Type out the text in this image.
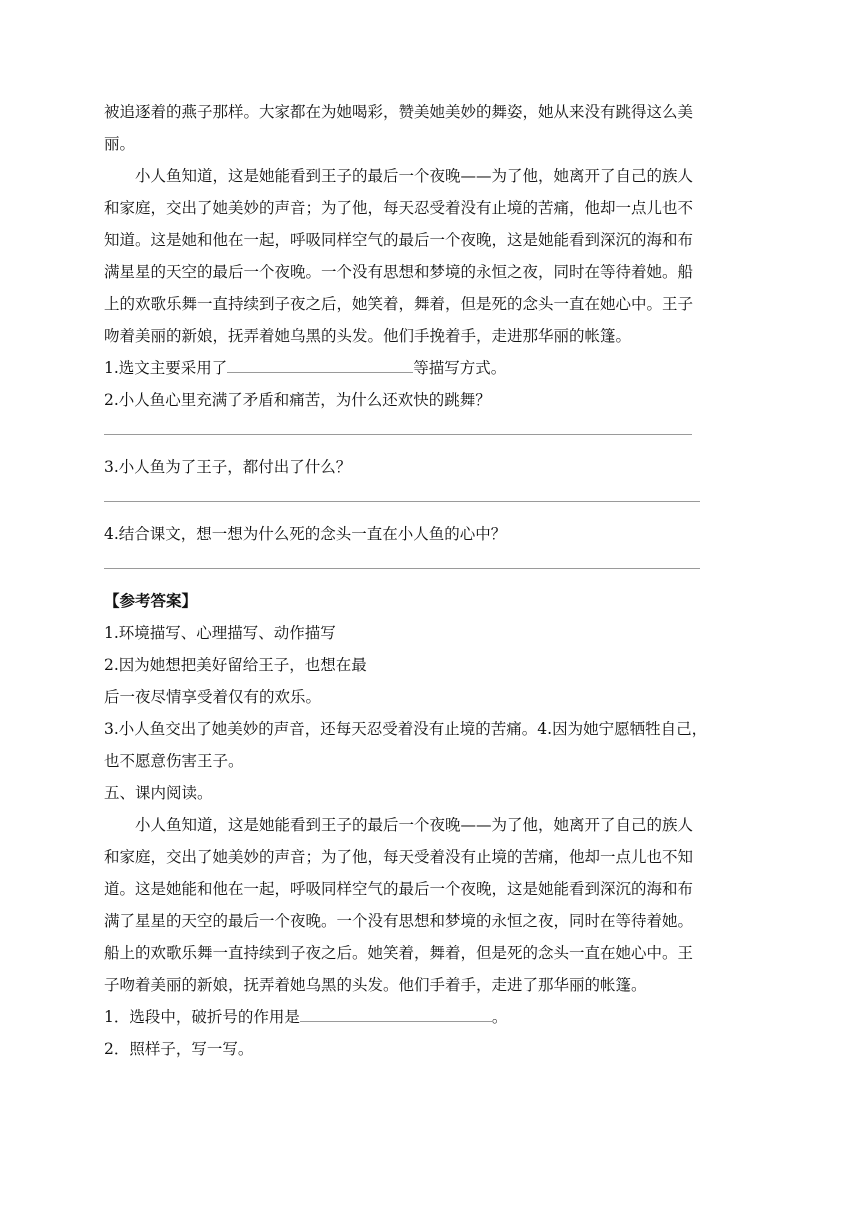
被追逐着的燕子那样。大家都在为她喝彩，赞美她美妙的舞姿，她从来没有跳得这么美
丽。
小人鱼知道，这是她能看到王子的最后一个夜晚——为了他，她离开了自己的族人
和家庭，交出了她美妙的声音；为了他，每天忍受着没有止境的苦痛，他却一点儿也不
知道。这是她和他在一起，呼吸同样空气的最后一个夜晚，这是她能看到深沉的海和布
满星星的天空的最后一个夜晚。一个没有思想和梦境的永恒之夜，同时在等待着她。船
上的欢歌乐舞一直持续到子夜之后，她笑着，舞着，但是死的念头一直在她心中。王子
吻着美丽的新娘，抚弄着她乌黑的头发。他们手挽着手，走进那华丽的帐篷。
1.选文主要采用了	等描写方式。
2.小人鱼心里充满了矛盾和痛苦，为什么还欢快的跳舞？
3.小人鱼为了王子，都付出了什么？
4.结合课文，想一想为什么死的念头一直在小人鱼的心中？
【参考答案】
1.环境描写、心理描写、动作描写
2.因为她想把美好留给王子，也想在最
后一夜尽情享受着仅有的欢乐。
3.小人鱼交出了她美妙的声音，还每天忍受着没有止境的苦痛。4.因为她宁愿牺牲自己，
也不愿意伤害王子。
五、课内阅读。
小人鱼知道，这是她能看到王子的最后一个夜晚——为了他，她离开了自己的族人
和家庭，交出了她美妙的声音；为了他，每天受着没有止境的苦痛，他却一点儿也不知
道。这是她能和他在一起，呼吸同样空气的最后一个夜晚，这是她能看到深沉的海和布
满了星星的天空的最后一个夜晚。一个没有思想和梦境的永恒之夜，同时在等待着她。
船上的欢歌乐舞一直持续到子夜之后。她笑着，舞着，但是死的念头一直在她心中。王
子吻着美丽的新娘，抚弄着她乌黑的头发。他们手着手，走进了那华丽的帐篷。
1．选段中，破折号的作用是	。
2．照样子，写一写。
